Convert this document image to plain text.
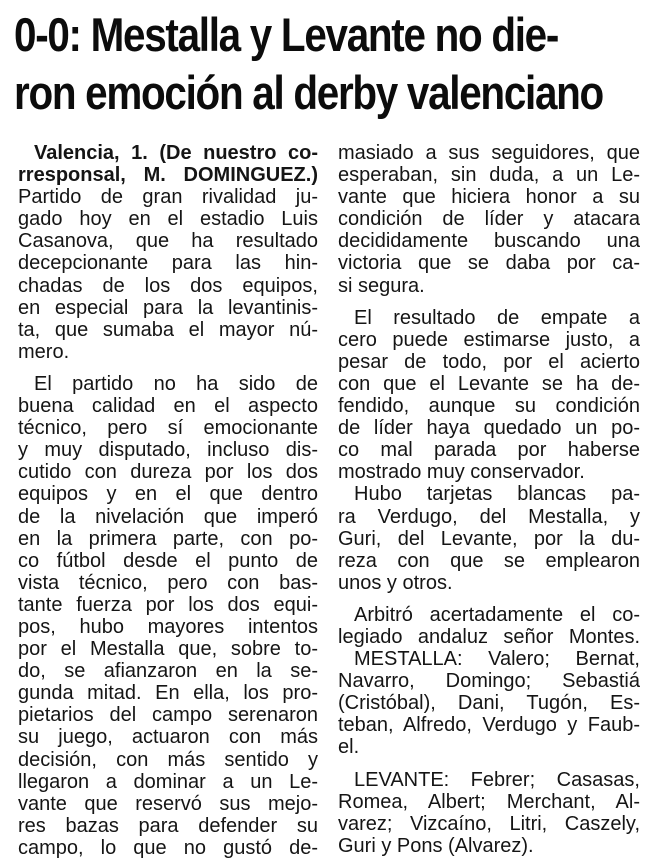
0-0: Mestalla y Levante no die-
ron emoción al derby valenciano
Valencia, 1. (De nuestro co-
rresponsal, M. DOMINGUEZ.)
Partido de gran rivalidad ju-
gado hoy en el estadio Luis
Casanova, que ha resultado
decepcionante para las hin-
chadas de los dos equipos,
en especial para la levantinis-
ta, que sumaba el mayor nú-
mero.
El partido no ha sido de
buena calidad en el aspecto
técnico, pero sí emocionante
y muy disputado, incluso dis-
cutido con dureza por los dos
equipos y en el que dentro
de la nivelación que imperó
en la primera parte, con po-
co fútbol desde el punto de
vista técnico, pero con bas-
tante fuerza por los dos equi-
pos, hubo mayores intentos
por el Mestalla que, sobre to-
do, se afianzaron en la se-
gunda mitad. En ella, los pro-
pietarios del campo serenaron
su juego, actuaron con más
decisión, con más sentido y
llegaron a dominar a un Le-
vante que reservó sus mejo-
res bazas para defender su
campo, lo que no gustó de-
masiado a sus seguidores, que
esperaban, sin duda, a un Le-
vante que hiciera honor a su
condición de líder y atacara
decididamente buscando una
victoria que se daba por ca-
si segura.
El resultado de empate a
cero puede estimarse justo, a
pesar de todo, por el acierto
con que el Levante se ha de-
fendido, aunque su condición
de líder haya quedado un po-
co mal parada por haberse
mostrado muy conservador.
Hubo tarjetas blancas pa-
ra Verdugo, del Mestalla, y
Guri, del Levante, por la du-
reza con que se emplearon
unos y otros.
Arbitró acertadamente el co-
legiado andaluz señor Montes.
MESTALLA: Valero; Bernat,
Navarro, Domingo; Sebastiá
(Cristóbal), Dani, Tugón, Es-
teban, Alfredo, Verdugo y Faub-
el.
LEVANTE: Febrer; Casasas,
Romea, Albert; Merchant, Al-
varez; Vizcaíno, Litri, Caszely,
Guri y Pons (Alvarez).
